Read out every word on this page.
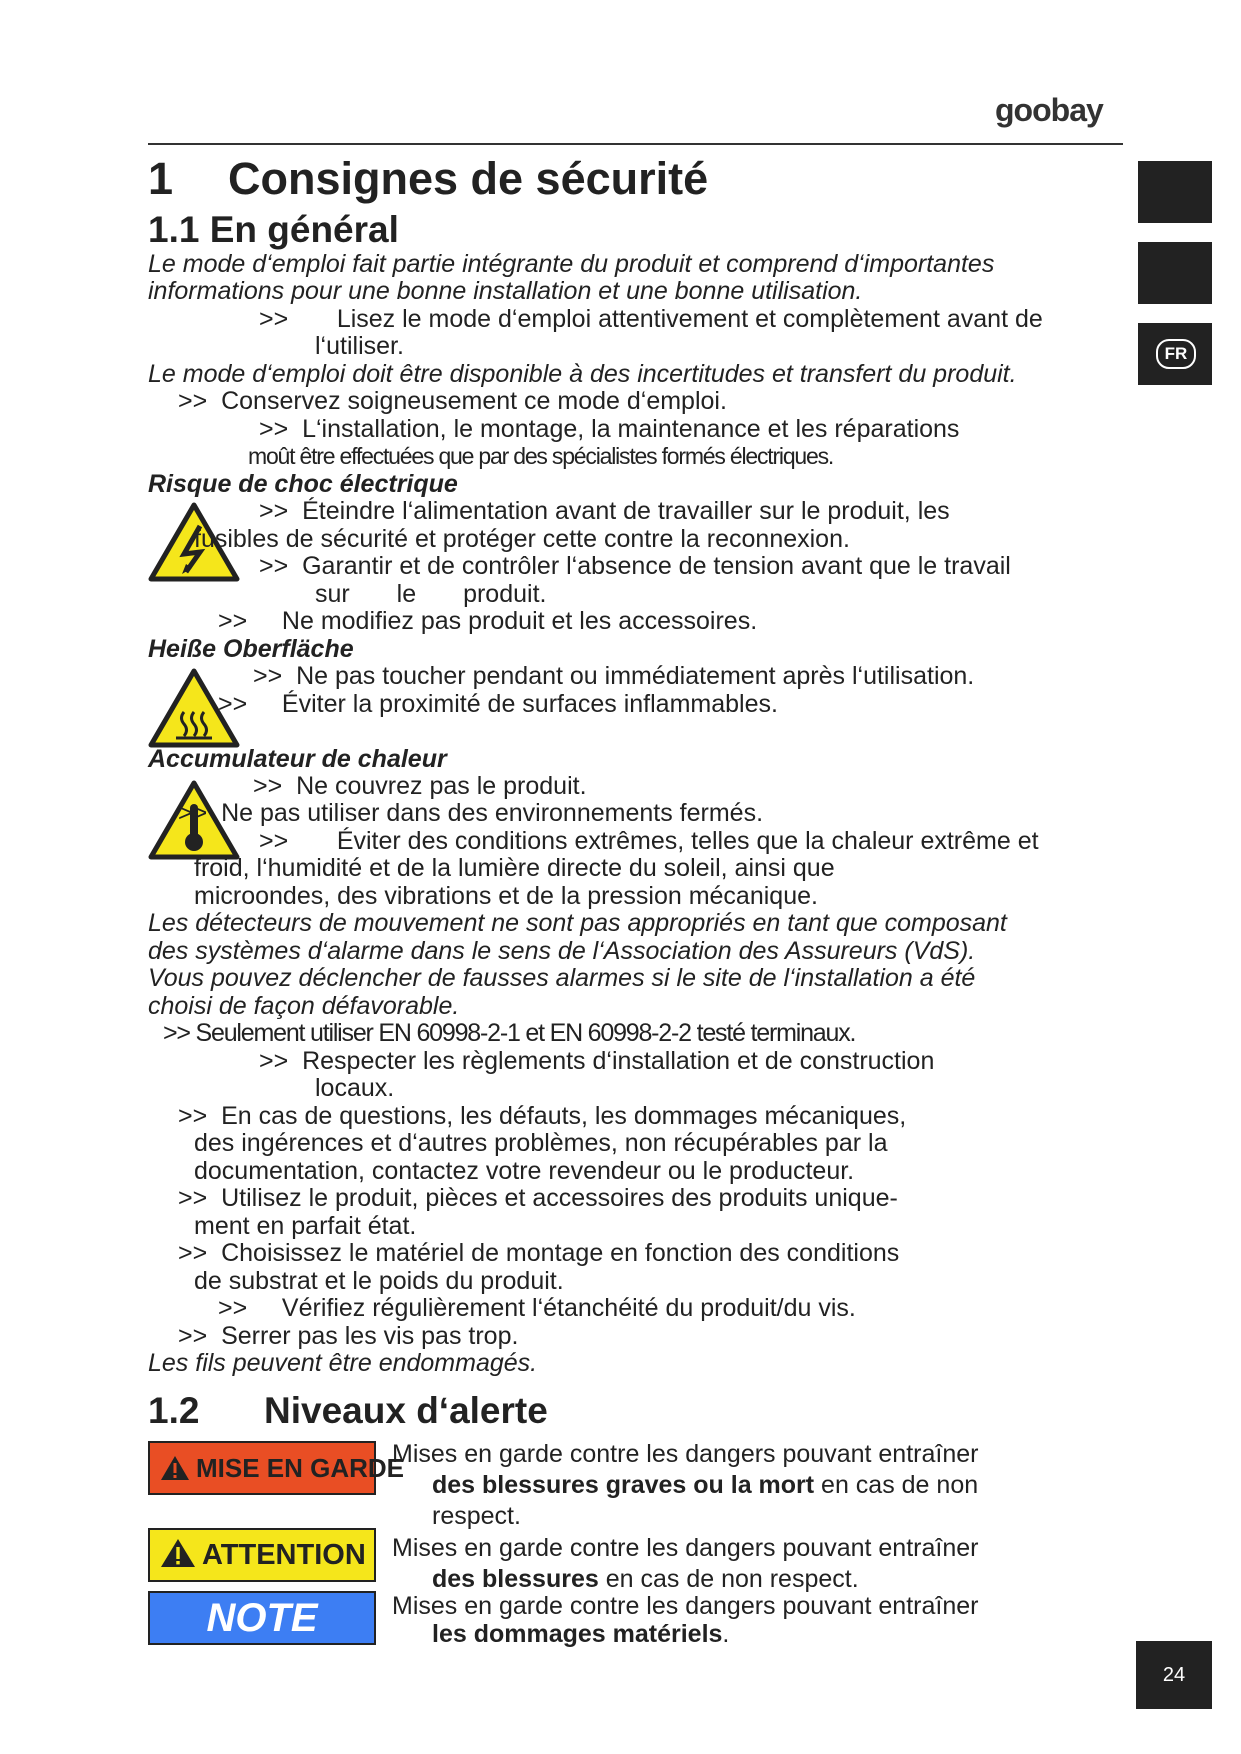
goobay
FR
24
1 Consignes de sécurité
1.1 En général
Le mode d‘emploi fait partie intégrante du produit et comprend d‘importantes
informations pour une bonne installation et une bonne utilisation.
>>       Lisez le mode d‘emploi attentivement et complètement avant de
l‘utiliser.
Le mode d‘emploi doit être disponible à des incertitudes et transfert du produit.
>>  Conservez soigneusement ce mode d‘emploi.
>>  L‘installation, le montage, la maintenance et les réparations
moût être effectuées que par des spécialistes formés électriques.
Risque de choc électrique
>>  Éteindre l‘alimentation avant de travailler sur le produit, les
fusibles de sécurité et protéger cette contre la reconnexion.
>>  Garantir et de contrôler l‘absence de tension avant que le travail
sur le produit.
>>     Ne modifiez pas produit et les accessoires.
Heiße Oberfläche
>>  Ne pas toucher pendant ou immédiatement après l‘utilisation.
>>     Éviter la proximité de surfaces inflammables.
Accumulateur de chaleur
>>  Ne couvrez pas le produit.
>>  Ne pas utiliser dans des environnements fermés.
>>       Éviter des conditions extrêmes, telles que la chaleur extrême et
froid, l‘humidité et de la lumière directe du soleil, ainsi que
microondes, des vibrations et de la pression mécanique.
Les détecteurs de mouvement ne sont pas appropriés en tant que composant
des systèmes d‘alarme dans le sens de l‘Association des Assureurs (VdS).
Vous pouvez déclencher de fausses alarmes si le site de l‘installation a été
choisi de façon défavorable.
>> Seulement utiliser EN 60998-2-1 et EN 60998-2-2 testé terminaux.
>>  Respecter les règlements d‘installation et de construction
locaux.
>>  En cas de questions, les défauts, les dommages mécaniques,
des ingérences et d‘autres problèmes, non récupérables par la
documentation, contactez votre revendeur ou le producteur.
>>  Utilisez le produit, pièces et accessoires des produits unique-
ment en parfait état.
>>  Choisissez le matériel de montage en fonction des conditions
de substrat et le poids du produit.
>>     Vérifiez régulièrement l‘étanchéité du produit/du vis.
>>  Serrer pas les vis pas trop.
Les fils peuvent être endommagés.
1.2 Niveaux d‘alerte
MISE EN GARDE
Mises en garde contre les dangers pouvant entraîner
des blessures graves ou la mort en cas de non
respect.
ATTENTION	Mises en garde contre les dangers pouvant entraîner
des blessures en cas de non respect.
NOTE	Mises en garde contre les dangers pouvant entraîner
les dommages matériels.
